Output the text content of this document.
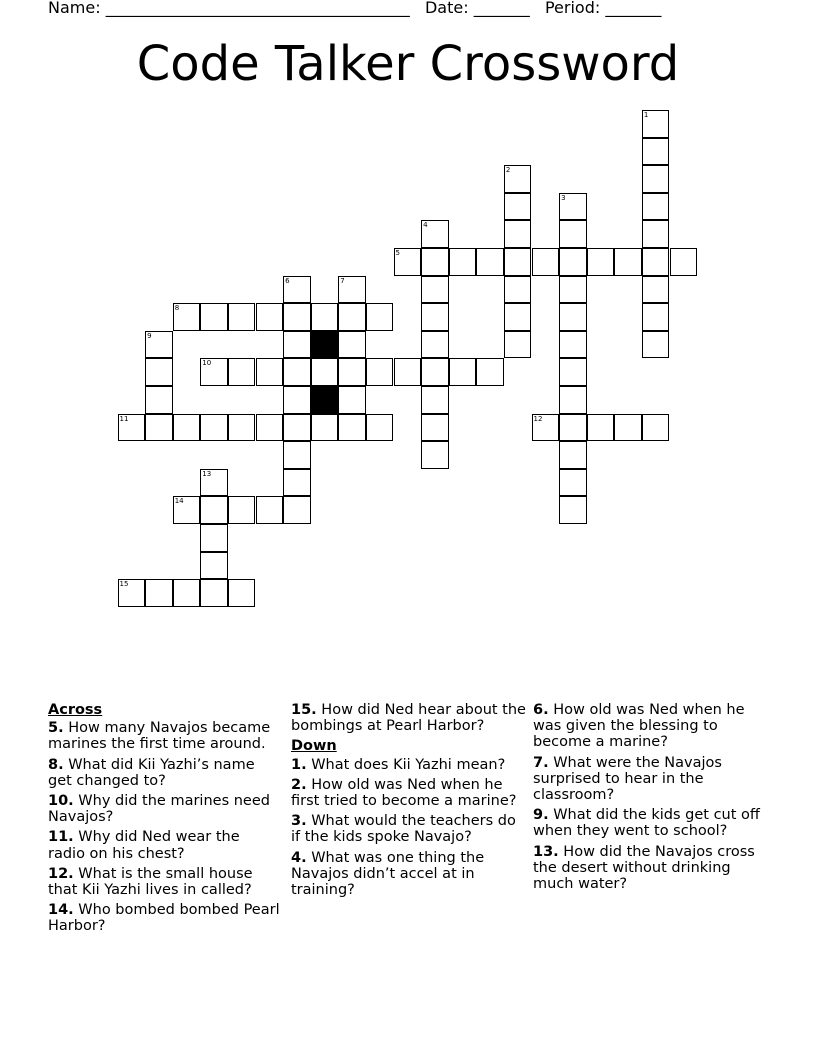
Name: ______________________________________ Date: _______ Period: _______
Code Talker Crossword
1
2
3
4
5
6	7
8
9
10
11	12
13
14
15
Across
5. How many Navajos became marines the first time around.
8. What did Kii Yazhi’s name get changed to?
10. Why did the marines need Navajos?
11. Why did Ned wear the radio on his chest?
12. What is the small house that Kii Yazhi lives in called?
14. Who bombed bombed Pearl Harbor?
15. How did Ned hear about the bombings at Pearl Harbor?
Down
1. What does Kii Yazhi mean?
2. How old was Ned when he first tried to become a marine?
3. What would the teachers do if the kids spoke Navajo?
4. What was one thing the Navajos didn’t accel at in training?
6. How old was Ned when he was given the blessing to become a marine?
7. What were the Navajos surprised to hear in the classroom?
9. What did the kids get cut off when they went to school?
13. How did the Navajos cross the desert without drinking much water?
